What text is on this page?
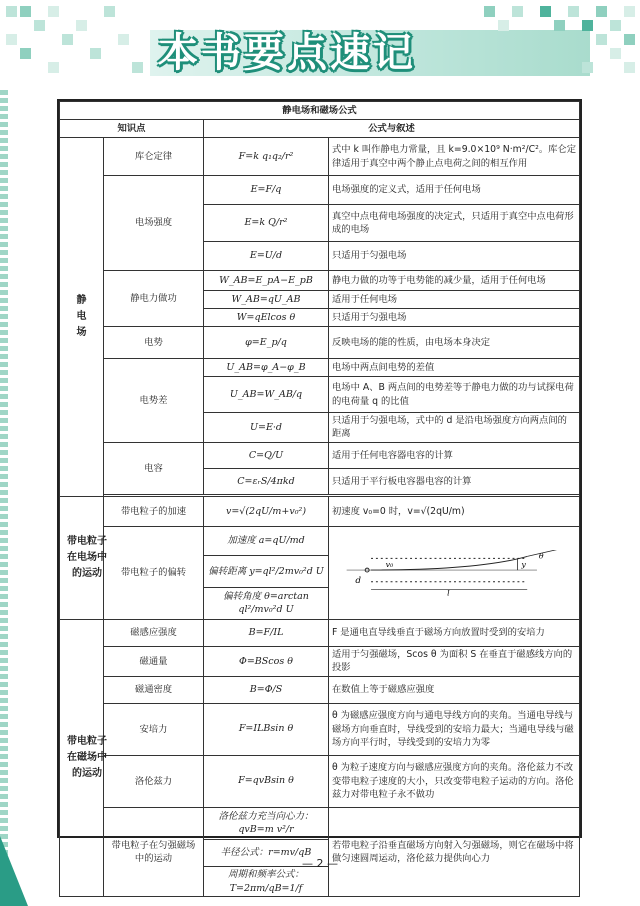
本书要点速记
静电场和磁场公式			
知识点		公式与叙述	
静电场	库仑定律	F=k q₁q₂/r²	式中 k 叫作静电力常量，且 k=9.0×10⁹ N·m²/C²。库仑定律适用于真空中两个静止点电荷之间的相互作用
	电场强度	E=F/q	电场强度的定义式，适用于任何电场
		E=k Q/r²	真空中点电荷电场强度的决定式，只适用于真空中点电荷形成的电场
		E=U/d	只适用于匀强电场
	静电力做功	W_AB=E_pA−E_pB	静电力做的功等于电势能的减少量，适用于任何电场
		W_AB=qU_AB	适用于任何电场
		W=qElcos θ	只适用于匀强电场
	电势	φ=E_p/q	反映电场的能的性质，由电场本身决定
	电势差	U_AB=φ_A−φ_B	电场中两点间电势的差值
		U_AB=W_AB/q	电场中 A、B 两点间的电势差等于静电力做的功与试探电荷的电荷量 q 的比值
		U=E·d	只适用于匀强电场，式中的 d 是沿电场强度方向两点间的距离
	电容	C=Q/U	适用于任何电容器电容的计算
		C=εᵣS/4πkd	只适用于平行板电容器电容的计算

带电粒子在电场中的运动	带电粒子的加速	v=√(2qU/m+v₀²)	初速度 v₀=0 时，v=√(2qU/m)
	带电粒子的偏转	加速度 a=qU/md	d
v₀ y
θ
l

		偏转距离 y=ql²/2mv₀²d U	
		偏转角度 θ=arctan ql²/mv₀²d U	
带电粒子在磁场中的运动	磁感应强度	B=F/IL	F 是通电直导线垂直于磁场方向放置时受到的安培力
	磁通量	Φ=BScos θ	适用于匀强磁场，Scos θ 为面积 S 在垂直于磁感线方向的投影
	磁通密度	B=Φ/S	在数值上等于磁感应强度
	安培力	F=ILBsin θ	θ 为磁感应强度方向与通电导线方向的夹角。当通电导线与磁场方向垂直时，导线受到的安培力最大；当通电导线与磁场方向平行时，导线受到的安培力为零
	洛伦兹力	F=qvBsin θ	θ 为粒子速度方向与磁感应强度方向的夹角。洛伦兹力不改变带电粒子速度的大小，只改变带电粒子运动的方向。洛伦兹力对带电粒子永不做功
	带电粒子在匀强磁场中的运动	洛伦兹力充当向心力：qvB=m v²/r	若带电粒子沿垂直磁场方向射入匀强磁场，则它在磁场中将做匀速圆周运动，洛伦兹力提供向心力
		半径公式：r=mv/qB	
		周期和频率公式：T=2πm/qB=1/f	
— 2 —
